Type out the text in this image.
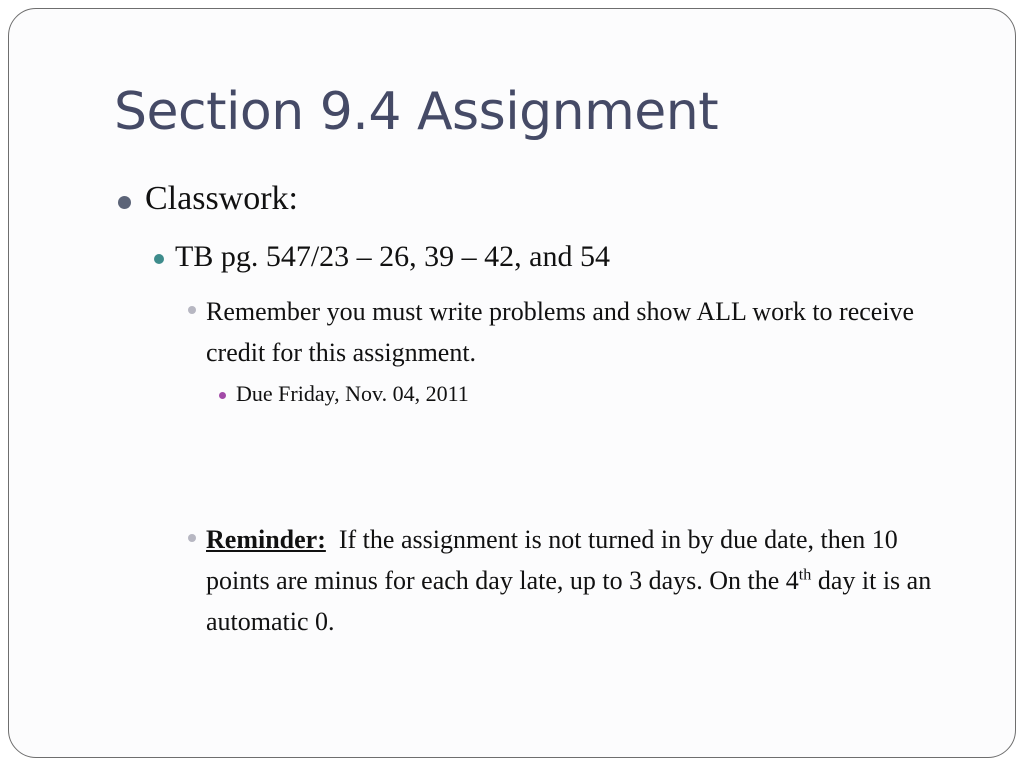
Section 9.4 Assignment
Classwork:
TB pg. 547/23 – 26, 39 – 42, and 54
Remember you must write problems and show ALL work to receive credit for this assignment.
Due Friday, Nov. 04, 2011
Reminder: If the assignment is not turned in by due date, then 10 points are minus for each day late, up to 3 days. On the 4th day it is an automatic 0.
